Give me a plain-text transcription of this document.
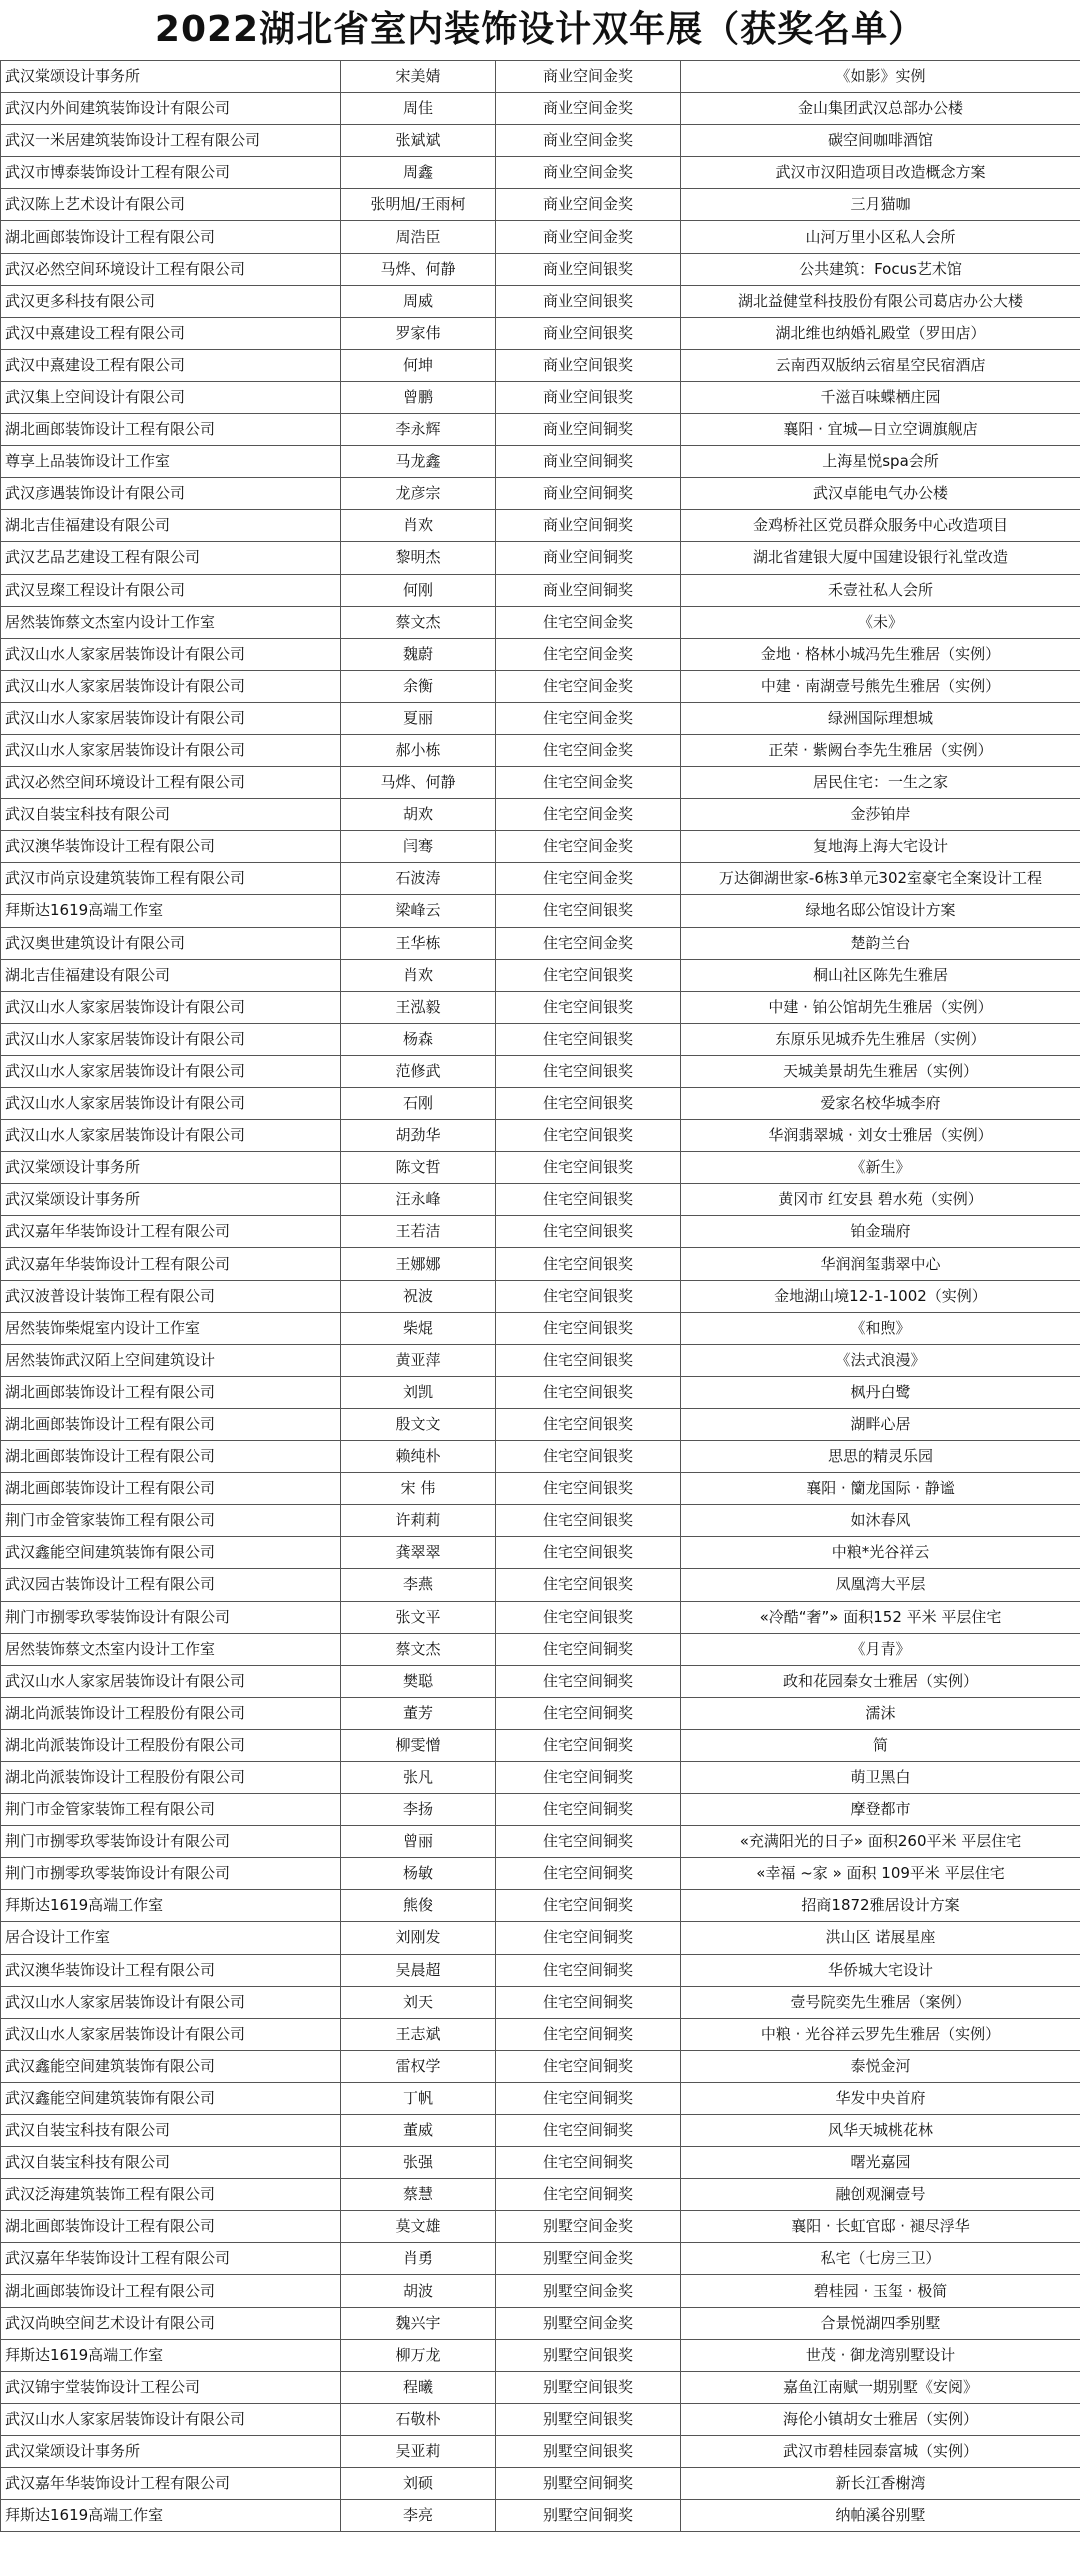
2022湖北省室内装饰设计双年展（获奖名单）
武汉棠颂设计事务所	宋美婧	商业空间金奖	《如影》实例
武汉内外间建筑装饰设计有限公司	周佳	商业空间金奖	金山集团武汉总部办公楼
武汉一米居建筑装饰设计工程有限公司	张斌斌	商业空间金奖	碳空间咖啡酒馆
武汉市博泰装饰设计工程有限公司	周鑫	商业空间金奖	武汉市汉阳造项目改造概念方案
武汉陈上艺术设计有限公司	张明旭/王雨柯	商业空间金奖	三月猫咖
湖北画郎装饰设计工程有限公司	周浩臣	商业空间金奖	山河万里小区私人会所
武汉必然空间环境设计工程有限公司	马烨、何静	商业空间银奖	公共建筑：Focus艺术馆
武汉更多科技有限公司	周威	商业空间银奖	湖北益健堂科技股份有限公司葛店办公大楼
武汉中熹建设工程有限公司	罗家伟	商业空间银奖	湖北维也纳婚礼殿堂（罗田店）
武汉中熹建设工程有限公司	何坤	商业空间银奖	云南西双版纳云宿星空民宿酒店
武汉集上空间设计有限公司	曾鹏	商业空间银奖	千滋百味蝶栖庄园
湖北画郎装饰设计工程有限公司	李永辉	商业空间铜奖	襄阳 · 宜城—日立空调旗舰店
尊享上品装饰设计工作室	马龙鑫	商业空间铜奖	上海星悦spa会所
武汉彦遇装饰设计有限公司	龙彦宗	商业空间铜奖	武汉卓能电气办公楼
湖北吉佳福建设有限公司	肖欢	商业空间铜奖	金鸡桥社区党员群众服务中心改造项目
武汉艺品艺建设工程有限公司	黎明杰	商业空间铜奖	湖北省建银大厦中国建设银行礼堂改造
武汉昱璨工程设计有限公司	何刚	商业空间铜奖	禾壹社私人会所
居然装饰蔡文杰室内设计工作室	蔡文杰	住宅空间金奖	《未》
武汉山水人家家居装饰设计有限公司	魏蔚	住宅空间金奖	金地 · 格林小城冯先生雅居（实例）
武汉山水人家家居装饰设计有限公司	余衡	住宅空间金奖	中建 · 南湖壹号熊先生雅居（实例）
武汉山水人家家居装饰设计有限公司	夏丽	住宅空间金奖	绿洲国际理想城
武汉山水人家家居装饰设计有限公司	郝小栋	住宅空间金奖	正荣 · 紫阙台李先生雅居（实例）
武汉必然空间环境设计工程有限公司	马烨、何静	住宅空间金奖	居民住宅：一生之家
武汉自装宝科技有限公司	胡欢	住宅空间金奖	金莎铂岸
武汉澳华装饰设计工程有限公司	闫骞	住宅空间金奖	复地海上海大宅设计
武汉市尚京设建筑装饰工程有限公司	石波涛	住宅空间金奖	万达御湖世家-6栋3单元302室豪宅全案设计工程
拜斯达1619高端工作室	梁峰云	住宅空间银奖	绿地名邸公馆设计方案
武汉奥世建筑设计有限公司	王华栋	住宅空间金奖	楚韵兰台
湖北吉佳福建设有限公司	肖欢	住宅空间银奖	桐山社区陈先生雅居
武汉山水人家家居装饰设计有限公司	王泓毅	住宅空间银奖	中建 · 铂公馆胡先生雅居（实例）
武汉山水人家家居装饰设计有限公司	杨森	住宅空间银奖	东原乐见城乔先生雅居（实例）
武汉山水人家家居装饰设计有限公司	范修武	住宅空间银奖	天城美景胡先生雅居（实例）
武汉山水人家家居装饰设计有限公司	石刚	住宅空间银奖	爱家名校华城李府
武汉山水人家家居装饰设计有限公司	胡劲华	住宅空间银奖	华润翡翠城 · 刘女士雅居（实例）
武汉棠颂设计事务所	陈文哲	住宅空间银奖	《新生》
武汉棠颂设计事务所	汪永峰	住宅空间银奖	黄冈市 红安县 碧水苑（实例）
武汉嘉年华装饰设计工程有限公司	王若洁	住宅空间银奖	铂金瑞府
武汉嘉年华装饰设计工程有限公司	王娜娜	住宅空间银奖	华润润玺翡翠中心
武汉波普设计装饰工程有限公司	祝波	住宅空间银奖	金地湖山境12-1-1002（实例）
居然装饰柴焜室内设计工作室	柴焜	住宅空间银奖	《和煦》
居然装饰武汉陌上空间建筑设计	黄亚萍	住宅空间银奖	《法式浪漫》
湖北画郎装饰设计工程有限公司	刘凯	住宅空间银奖	枫丹白鹭
湖北画郎装饰设计工程有限公司	殷文文	住宅空间银奖	湖畔心居
湖北画郎装饰设计工程有限公司	赖纯朴	住宅空间银奖	思思的精灵乐园
湖北画郎装饰设计工程有限公司	宋 伟	住宅空间银奖	襄阳 · 籣龙国际 · 静谧
荆门市金管家装饰工程有限公司	许莉莉	住宅空间银奖	如沐春风
武汉鑫能空间建筑装饰有限公司	龚翠翠	住宅空间银奖	中粮*光谷祥云
武汉园古装饰设计工程有限公司	李燕	住宅空间银奖	凤凰湾大平层
荆门市捌零玖零装饰设计有限公司	张文平	住宅空间银奖	«冷酷“奢”» 面积152 平米 平层住宅
居然装饰蔡文杰室内设计工作室	蔡文杰	住宅空间铜奖	《月青》
武汉山水人家家居装饰设计有限公司	樊聪	住宅空间铜奖	政和花园秦女士雅居（实例）
湖北尚派装饰设计工程股份有限公司	董芳	住宅空间铜奖	濡沫
湖北尚派装饰设计工程股份有限公司	柳雯憎	住宅空间铜奖	简
湖北尚派装饰设计工程股份有限公司	张凡	住宅空间铜奖	萌卫黑白
荆门市金管家装饰工程有限公司	李扬	住宅空间铜奖	摩登都市
荆门市捌零玖零装饰设计有限公司	曾丽	住宅空间铜奖	«充满阳光的日子» 面积260平米 平层住宅
荆门市捌零玖零装饰设计有限公司	杨敏	住宅空间铜奖	«幸福 ~家 » 面积 109平米 平层住宅
拜斯达1619高端工作室	熊俊	住宅空间铜奖	招商1872雅居设计方案
居合设计工作室	刘刚发	住宅空间铜奖	洪山区 诺展星座
武汉澳华装饰设计工程有限公司	吴晨超	住宅空间铜奖	华侨城大宅设计
武汉山水人家家居装饰设计有限公司	刘天	住宅空间铜奖	壹号院奕先生雅居（案例）
武汉山水人家家居装饰设计有限公司	王志斌	住宅空间铜奖	中粮 · 光谷祥云罗先生雅居（实例）
武汉鑫能空间建筑装饰有限公司	雷权学	住宅空间铜奖	泰悦金河
武汉鑫能空间建筑装饰有限公司	丁帆	住宅空间铜奖	华发中央首府
武汉自装宝科技有限公司	董威	住宅空间铜奖	风华天城桃花林
武汉自装宝科技有限公司	张强	住宅空间铜奖	曙光嘉园
武汉泛海建筑装饰工程有限公司	蔡慧	住宅空间铜奖	融创观澜壹号
湖北画郎装饰设计工程有限公司	莫文雄	别墅空间金奖	襄阳 · 长虹官邸 · 褪尽浮华
武汉嘉年华装饰设计工程有限公司	肖勇	别墅空间金奖	私宅（七房三卫）
湖北画郎装饰设计工程有限公司	胡波	别墅空间金奖	碧桂园 · 玉玺 · 极简
武汉尚映空间艺术设计有限公司	魏兴宇	别墅空间金奖	合景悦湖四季别墅
拜斯达1619高端工作室	柳万龙	别墅空间银奖	世茂 · 御龙湾别墅设计
武汉锦宇堂装饰设计工程公司	程曦	别墅空间银奖	嘉鱼江南赋一期别墅《安阅》
武汉山水人家家居装饰设计有限公司	石敬朴	别墅空间银奖	海伦小镇胡女士雅居（实例）
武汉棠颂设计事务所	吴亚莉	别墅空间银奖	武汉市碧桂园泰富城（实例）
武汉嘉年华装饰设计工程有限公司	刘硕	别墅空间铜奖	新长江香榭湾
拜斯达1619高端工作室	李亮	别墅空间铜奖	纳帕溪谷别墅
